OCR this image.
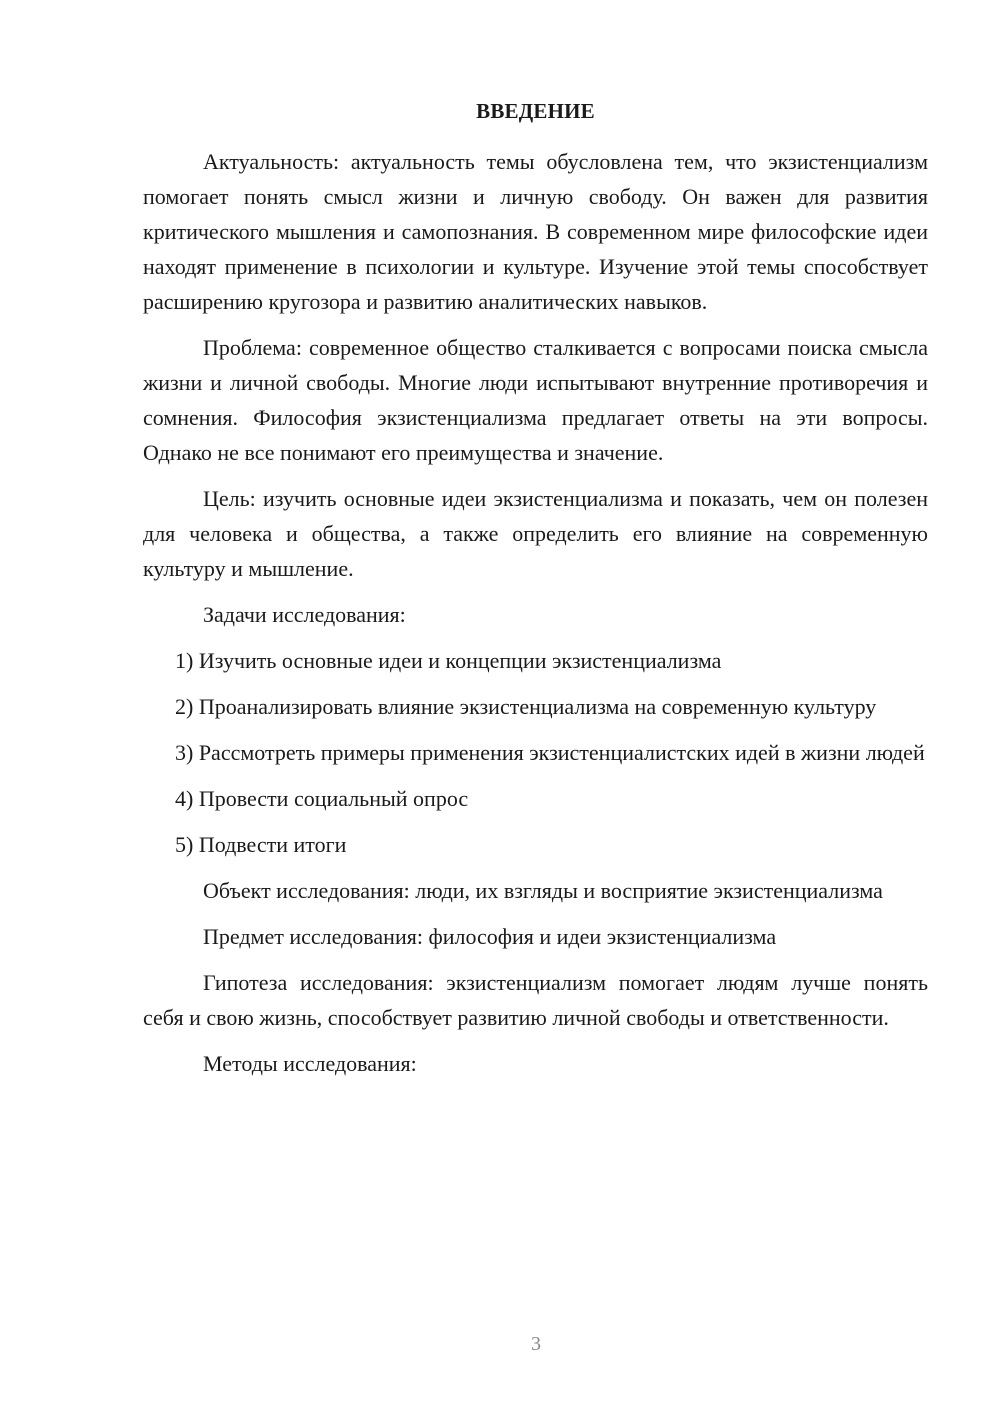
ВВЕДЕНИЕ

Актуальность: актуальность темы обусловлена тем, что экзистенциализм помогает понять смысл жизни и личную свободу. Он важен для развития критического мышления и самопознания. В современном мире философские идеи находят применение в психологии и культуре. Изучение этой темы способствует расширению кругозора и развитию аналитических навыков.

Проблема: современное общество сталкивается с вопросами поиска смысла жизни и личной свободы. Многие люди испытывают внутренние противоречия и сомнения. Философия экзистенциализма предлагает ответы на эти вопросы. Однако не все понимают его преимущества и значение.

Цель: изучить основные идеи экзистенциализма и показать, чем он полезен для человека и общества, а также определить его влияние на современную культуру и мышление.

Задачи исследования:

1) Изучить основные идеи и концепции экзистенциализма

2) Проанализировать влияние экзистенциализма на современную культуру

3) Рассмотреть примеры применения экзистенциалистских идей в жизни людей

4) Провести социальный опрос

5) Подвести итоги

Объект исследования: люди, их взгляды и восприятие экзистенциализма

Предмет исследования: философия и идеи экзистенциализма

Гипотеза исследования: экзистенциализм помогает людям лучше понять себя и свою жизнь, способствует развитию личной свободы и ответственности.

Методы исследования:

3
